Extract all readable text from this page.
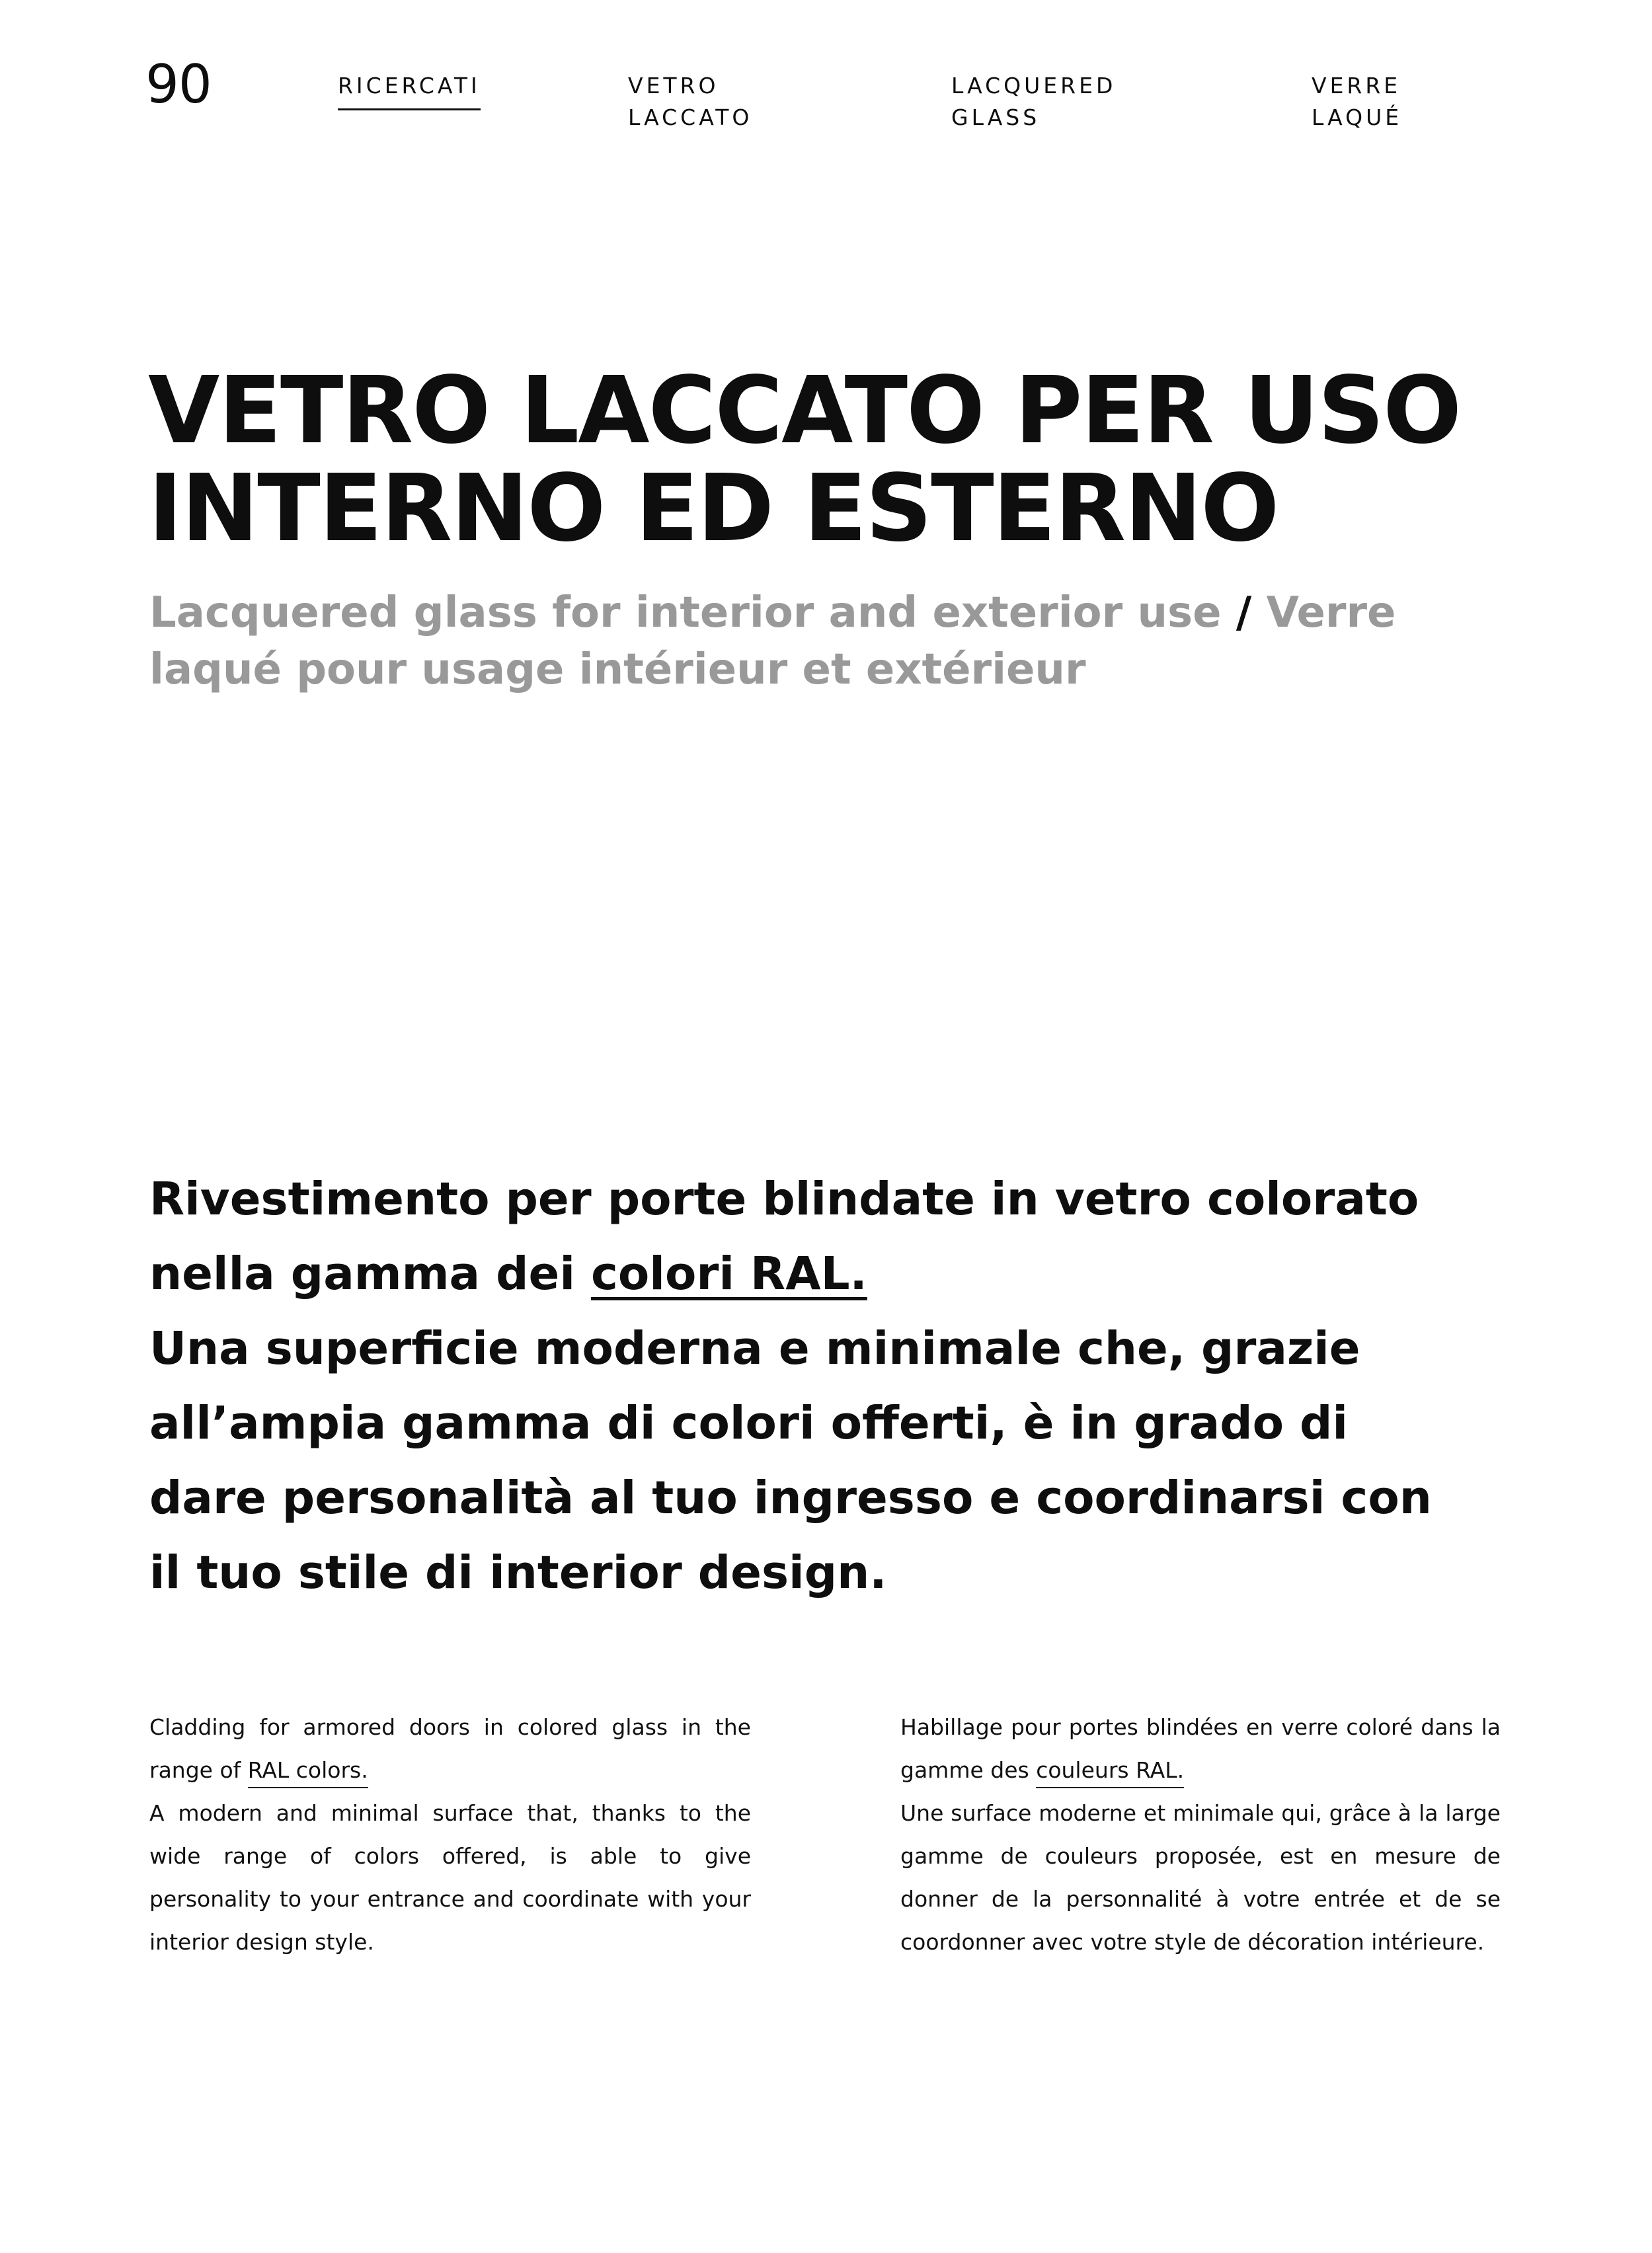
90	RICERCATI	VETRO
LACCATO
LACQUERED
GLASS
VERRE
LAQUÉ
VETRO LACCATO PER USO
INTERNO ED ESTERNO
Lacquered glass for interior and exterior use / Verre laqué pour usage intérieur et extérieur

Rivestimento per porte blindate in vetro colorato nella gamma dei colori RAL.

Una superficie moderna e minimale che, grazie all’ampia gamma di colori offerti, è in grado di dare personalità al tuo ingresso e coordinarsi con il tuo stile di interior design.

Cladding for armored doors in colored glass in the range of RAL colors.

A modern and minimal surface that, thanks to the wide range of colors offered, is able to give personality to your entrance and coordinate with your interior design style.

Habillage pour portes blindées en verre coloré dans la gamme des couleurs RAL.

Une surface moderne et minimale qui, grâce à la large gamme de couleurs proposée, est en mesure de donner de la personnalité à votre entrée et de se coordonner avec votre style de décoration intérieure.
